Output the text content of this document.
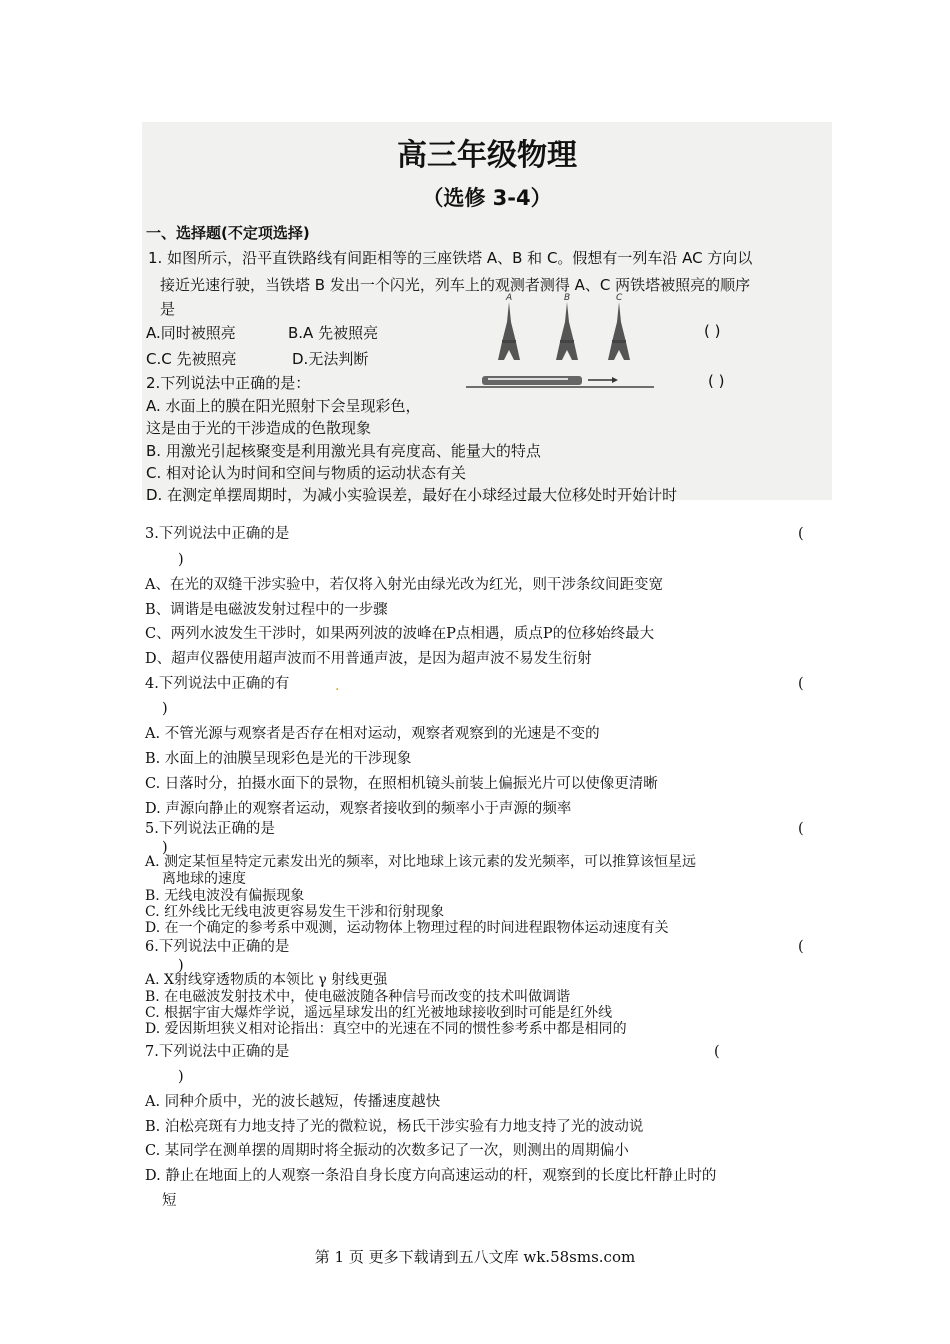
高三年级物理
（选修 3-4）
一、选择题(不定项选择)
1. 如图所示，沿平直铁路线有间距相等的三座铁塔 A、B 和 C。假想有一列车沿 AC 方向以
接近光速行驶，当铁塔 B 发出一个闪光，列车上的观测者测得 A、C 两铁塔被照亮的顺序
是
A.同时被照亮	B.A 先被照亮
C.C 先被照亮	D.无法判断
( )
A	B	C
2.下列说法中正确的是：	( )
A. 水面上的膜在阳光照射下会呈现彩色，
这是由于光的干涉造成的色散现象
B. 用激光引起核聚变是利用激光具有亮度高、能量大的特点
C. 相对论认为时间和空间与物质的运动状态有关
D. 在测定单摆周期时，为减小实验误差，最好在小球经过最大位移处时开始计时
3.下列说法中正确的是	(
)
A、在光的双缝干涉实验中，若仅将入射光由绿光改为红光，则干涉条纹间距变宽
B、调谐是电磁波发射过程中的一步骤
C、两列水波发生干涉时，如果两列波的波峰在P点相遇，质点P的位移始终最大
D、超声仪器使用超声波而不用普通声波，是因为超声波不易发生衍射
4.下列说法中正确的有	.	(
)
A. 不管光源与观察者是否存在相对运动，观察者观察到的光速是不变的
B. 水面上的油膜呈现彩色是光的干涉现象
C. 日落时分，拍摄水面下的景物，在照相机镜头前装上偏振光片可以使像更清晰
D. 声源向静止的观察者运动，观察者接收到的频率小于声源的频率
5.下列说法正确的是	(
)
A. 测定某恒星特定元素发出光的频率，对比地球上该元素的发光频率，可以推算该恒星远
离地球的速度
B. 无线电波没有偏振现象
C. 红外线比无线电波更容易发生干涉和衍射现象
D. 在一个确定的参考系中观测，运动物体上物理过程的时间进程跟物体运动速度有关
6.下列说法中正确的是	(
)
A. X射线穿透物质的本领比 γ 射线更强
B. 在电磁波发射技术中，使电磁波随各种信号而改变的技术叫做调谐
C. 根据宇宙大爆炸学说，遥远星球发出的红光被地球接收到时可能是红外线
D. 爱因斯坦狭义相对论指出：真空中的光速在不同的惯性参考系中都是相同的
7.下列说法中正确的是	(
)
A. 同种介质中，光的波长越短，传播速度越快
B. 泊松亮斑有力地支持了光的微粒说，杨氏干涉实验有力地支持了光的波动说
C. 某同学在测单摆的周期时将全振动的次数多记了一次，则测出的周期偏小
D. 静止在地面上的人观察一条沿自身长度方向高速运动的杆，观察到的长度比杆静止时的
短
第 1 页 更多下载请到五八文库 wk.58sms.com
